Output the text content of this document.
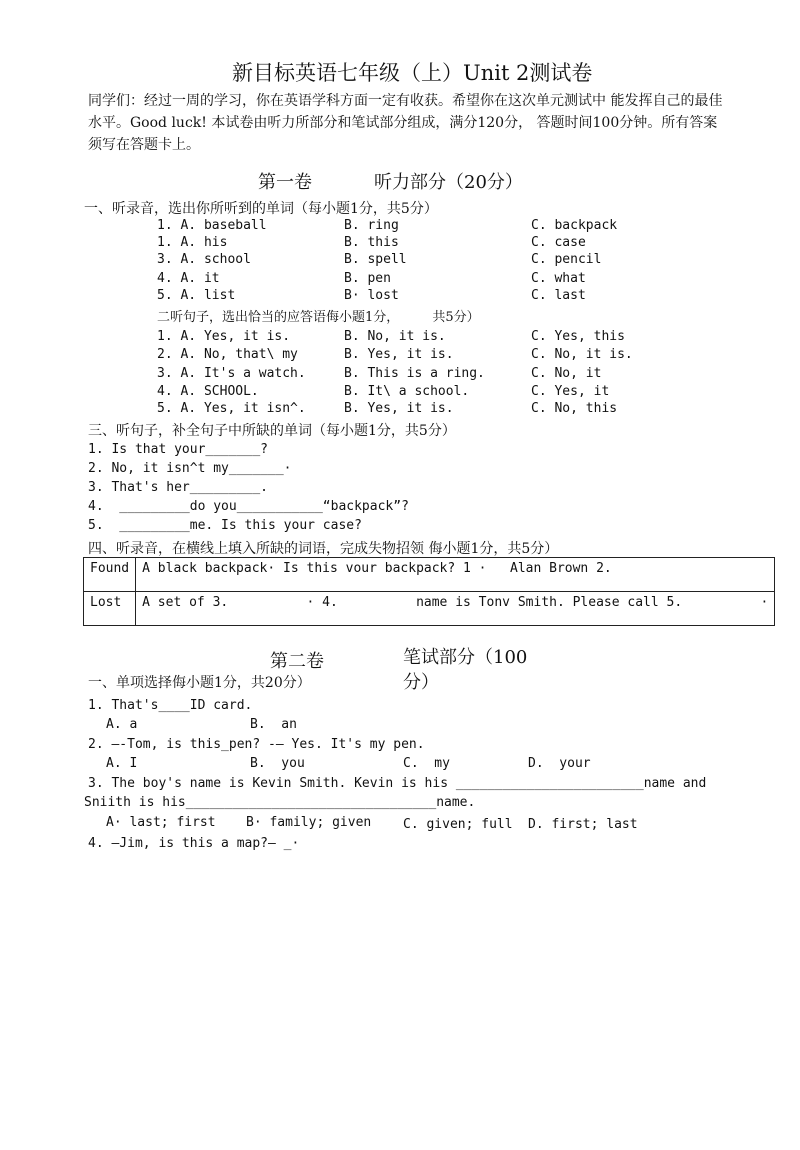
新目标英语七年级（上）Unit 2测试卷
同学们：经过一周的学习，你在英语学科方面一定有收获。希望你在这次单元测试中 能发挥自己的最佳水平。Good luck! 本试卷由听力所部分和笔试部分组成，满分120分， 答题时间100分钟。所有答案须写在答题卡上。
第一卷	听力部分（20分）
一、听录音，选出你所听到的单词（每小题1分，共5分）
1. A. baseball	B. ring	C. backpack
1. A. his	B. this	C. case
3. A. school	B. spell	C. pencil
4. A. it	B. pen	C. what
5. A. list	B· lost	C. last
二听句子，选出恰当的应答语侮小题1分，        共5分）
1. A. Yes, it is.	B. No, it is.	C. Yes, this
2. A. No, that\ my	B. Yes, it is.	C. No, it is.
3. A. It's a watch.	B. This is a ring.	C. No, it
4. A. SCHOOL.	B. It\ a school.	C. Yes, it
5. A. Yes, it isn^.	B. Yes, it is.	C. No, this
三、听句子，补全句子中所缺的单词（每小题1分，共5分）
1. Is that your_______?
2. No, it isn^t my_______·
3. That's her_________.
4.  _________do you___________“backpack”?
5.  _________me. Is this your case?
四、听录音，在横线上填入所缺的词语，完成失物招领 侮小题1分，共5分）
Found	A black backpack· Is this vour backpack? 1 ·   Alan Brown 2.
Lost	A set of 3.          · 4.          name is Tonv Smith. Please call 5.          ·
第二卷	笔试部分（100
分）
一、单项选择侮小题1分，共20分）
1. That's____ID card.
A. a	B.  an
2. —-Tom, is this_pen? -— Yes. It's my pen.
A. I	B.  you	C.  my	D.  your
3. The boy's name is Kevin Smith. Kevin is his ________________________name and
Sniith is his________________________________name.
A· last; first B· family; given C. given; full D. first; last
4. —Jim, is this a map?— _·
